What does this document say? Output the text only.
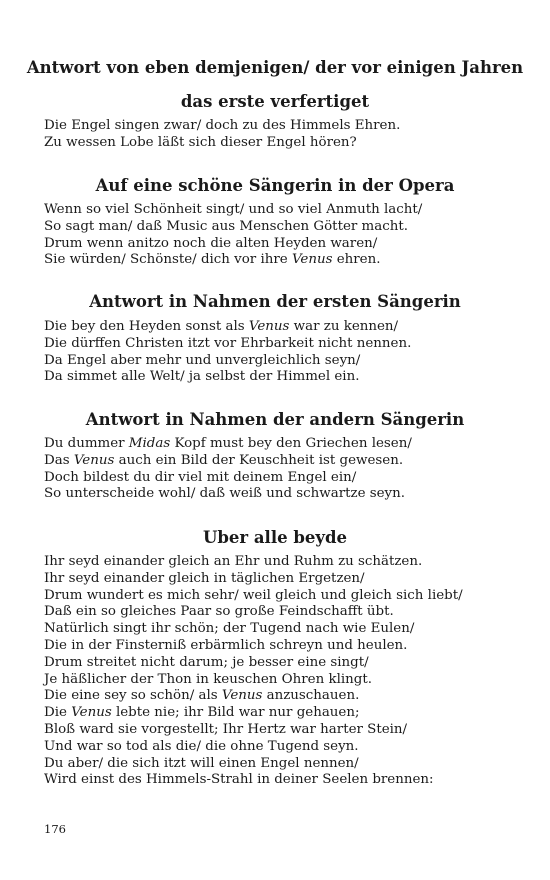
Antwort von eben demjenigen/ der vor einigen Jahren
das erste verfertiget
Die Engel singen zwar/ doch zu des Himmels Ehren.
Zu wessen Lobe läßt sich dieser Engel hören?
Auf eine schöne Sängerin in der Opera
Wenn so viel Schönheit singt/ und so viel Anmuth lacht/
So sagt man/ daß Music aus Menschen Götter macht.
Drum wenn anitzo noch die alten Heyden waren/
Sie würden/ Schönste/ dich vor ihre Venus ehren.
Antwort in Nahmen der ersten Sängerin
Die bey den Heyden sonst als Venus war zu kennen/
Die dürffen Christen itzt vor Ehrbarkeit nicht nennen.
Da Engel aber mehr und unvergleichlich seyn/
Da simmet alle Welt/ ja selbst der Himmel ein.
Antwort in Nahmen der andern Sängerin
Du dummer Midas Kopf must bey den Griechen lesen/
Das Venus auch ein Bild der Keuschheit ist gewesen.
Doch bildest du dir viel mit deinem Engel ein/
So unterscheide wohl/ daß weiß und schwartze seyn.
Uber alle beyde
Ihr seyd einander gleich an Ehr und Ruhm zu schätzen.
Ihr seyd einander gleich in täglichen Ergetzen/
Drum wundert es mich sehr/ weil gleich und gleich sich liebt/
Daß ein so gleiches Paar so große Feindschafft übt.
Natürlich singt ihr schön; der Tugend nach wie Eulen/
Die in der Finsterniß erbärmlich schreyn und heulen.
Drum streitet nicht darum; je besser eine singt/
Je häßlicher der Thon in keuschen Ohren klingt.
Die eine sey so schön/ als Venus anzuschauen.
Die Venus lebte nie; ihr Bild war nur gehauen;
Bloß ward sie vorgestellt; Ihr Hertz war harter Stein/
Und war so tod als die/ die ohne Tugend seyn.
Du aber/ die sich itzt will einen Engel nennen/
Wird einst des Himmels-Strahl in deiner Seelen brennen:
176
